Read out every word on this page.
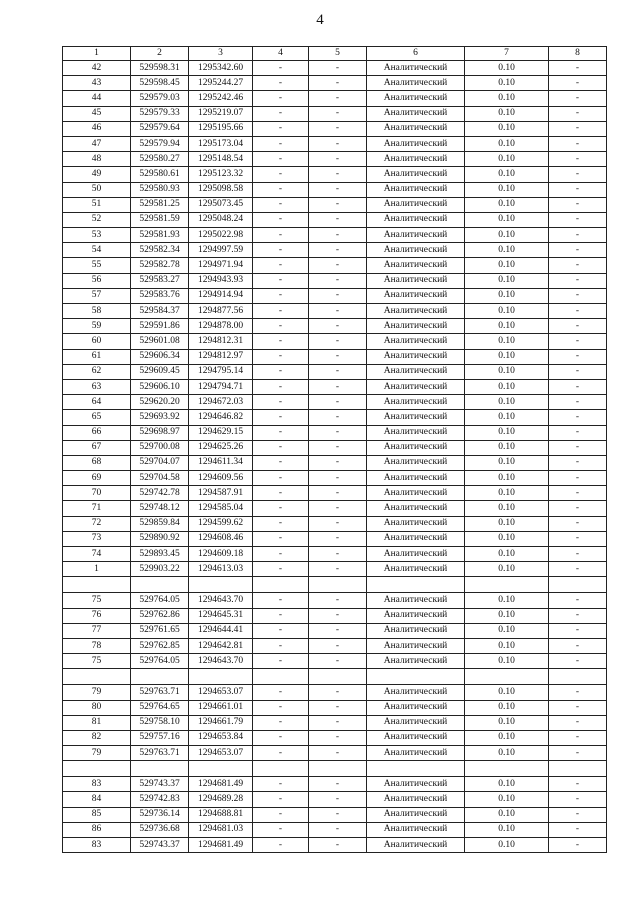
4
1	2	3	4	5	6	7	8
42	529598.31	1295342.60	-	-	Аналитический	0.10	-
43	529598.45	1295244.27	-	-	Аналитический	0.10	-
44	529579.03	1295242.46	-	-	Аналитический	0.10	-
45	529579.33	1295219.07	-	-	Аналитический	0.10	-
46	529579.64	1295195.66	-	-	Аналитический	0.10	-
47	529579.94	1295173.04	-	-	Аналитический	0.10	-
48	529580.27	1295148.54	-	-	Аналитический	0.10	-
49	529580.61	1295123.32	-	-	Аналитический	0.10	-
50	529580.93	1295098.58	-	-	Аналитический	0.10	-
51	529581.25	1295073.45	-	-	Аналитический	0.10	-
52	529581.59	1295048.24	-	-	Аналитический	0.10	-
53	529581.93	1295022.98	-	-	Аналитический	0.10	-
54	529582.34	1294997.59	-	-	Аналитический	0.10	-
55	529582.78	1294971.94	-	-	Аналитический	0.10	-
56	529583.27	1294943.93	-	-	Аналитический	0.10	-
57	529583.76	1294914.94	-	-	Аналитический	0.10	-
58	529584.37	1294877.56	-	-	Аналитический	0.10	-
59	529591.86	1294878.00	-	-	Аналитический	0.10	-
60	529601.08	1294812.31	-	-	Аналитический	0.10	-
61	529606.34	1294812.97	-	-	Аналитический	0.10	-
62	529609.45	1294795.14	-	-	Аналитический	0.10	-
63	529606.10	1294794.71	-	-	Аналитический	0.10	-
64	529620.20	1294672.03	-	-	Аналитический	0.10	-
65	529693.92	1294646.82	-	-	Аналитический	0.10	-
66	529698.97	1294629.15	-	-	Аналитический	0.10	-
67	529700.08	1294625.26	-	-	Аналитический	0.10	-
68	529704.07	1294611.34	-	-	Аналитический	0.10	-
69	529704.58	1294609.56	-	-	Аналитический	0.10	-
70	529742.78	1294587.91	-	-	Аналитический	0.10	-
71	529748.12	1294585.04	-	-	Аналитический	0.10	-
72	529859.84	1294599.62	-	-	Аналитический	0.10	-
73	529890.92	1294608.46	-	-	Аналитический	0.10	-
74	529893.45	1294609.18	-	-	Аналитический	0.10	-
1	529903.22	1294613.03	-	-	Аналитический	0.10	-

75	529764.05	1294643.70	-	-	Аналитический	0.10	-
76	529762.86	1294645.31	-	-	Аналитический	0.10	-
77	529761.65	1294644.41	-	-	Аналитический	0.10	-
78	529762.85	1294642.81	-	-	Аналитический	0.10	-
75	529764.05	1294643.70	-	-	Аналитический	0.10	-

79	529763.71	1294653.07	-	-	Аналитический	0.10	-
80	529764.65	1294661.01	-	-	Аналитический	0.10	-
81	529758.10	1294661.79	-	-	Аналитический	0.10	-
82	529757.16	1294653.84	-	-	Аналитический	0.10	-
79	529763.71	1294653.07	-	-	Аналитический	0.10	-

83	529743.37	1294681.49	-	-	Аналитический	0.10	-
84	529742.83	1294689.28	-	-	Аналитический	0.10	-
85	529736.14	1294688.81	-	-	Аналитический	0.10	-
86	529736.68	1294681.03	-	-	Аналитический	0.10	-
83	529743.37	1294681.49	-	-	Аналитический	0.10	-
